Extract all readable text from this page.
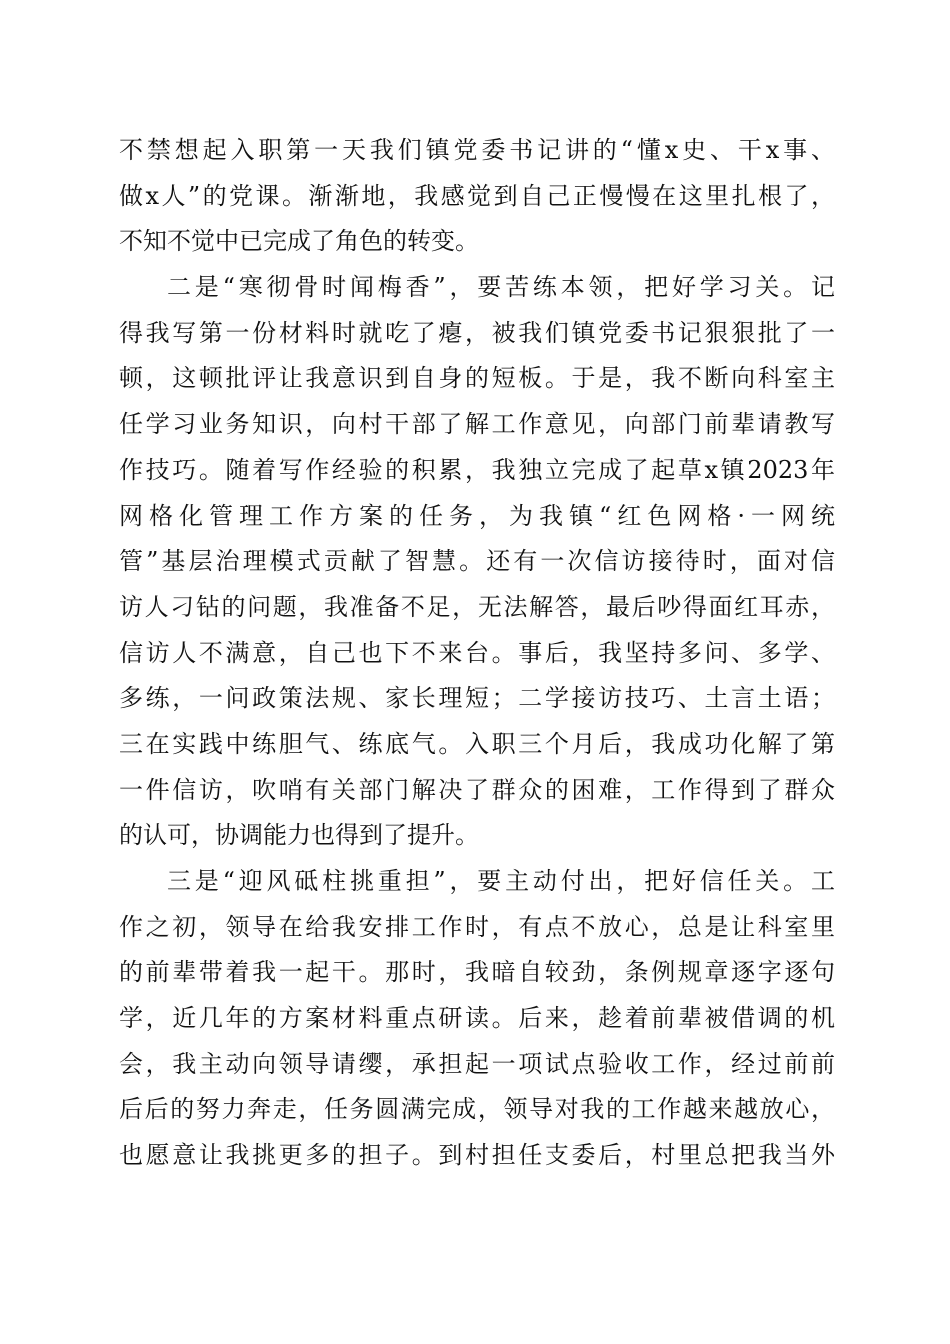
不禁想起入职第一天我们镇党委书记讲的“懂x史、干x事、
做x人”的党课。渐渐地，我感觉到自己正慢慢在这里扎根了，
不知不觉中已完成了角色的转变。
二是“寒彻骨时闻梅香”，要苦练本领，把好学习关。记
得我写第一份材料时就吃了瘪，被我们镇党委书记狠狠批了一
顿，这顿批评让我意识到自身的短板。于是，我不断向科室主
任学习业务知识，向村干部了解工作意见，向部门前辈请教写
作技巧。随着写作经验的积累，我独立完成了起草x镇2023年
网格化管理工作方案的任务，为我镇“红色网格·一网统
管”基层治理模式贡献了智慧。还有一次信访接待时，面对信
访人刁钻的问题，我准备不足，无法解答，最后吵得面红耳赤，
信访人不满意，自己也下不来台。事后，我坚持多问、多学、
多练，一问政策法规、家长理短；二学接访技巧、土言土语；
三在实践中练胆气、练底气。入职三个月后，我成功化解了第
一件信访，吹哨有关部门解决了群众的困难，工作得到了群众
的认可，协调能力也得到了提升。
三是“迎风砥柱挑重担”，要主动付出，把好信任关。工
作之初，领导在给我安排工作时，有点不放心，总是让科室里
的前辈带着我一起干。那时，我暗自较劲，条例规章逐字逐句
学，近几年的方案材料重点研读。后来，趁着前辈被借调的机
会，我主动向领导请缨，承担起一项试点验收工作，经过前前
后后的努力奔走，任务圆满完成，领导对我的工作越来越放心，
也愿意让我挑更多的担子。到村担任支委后，村里总把我当外
